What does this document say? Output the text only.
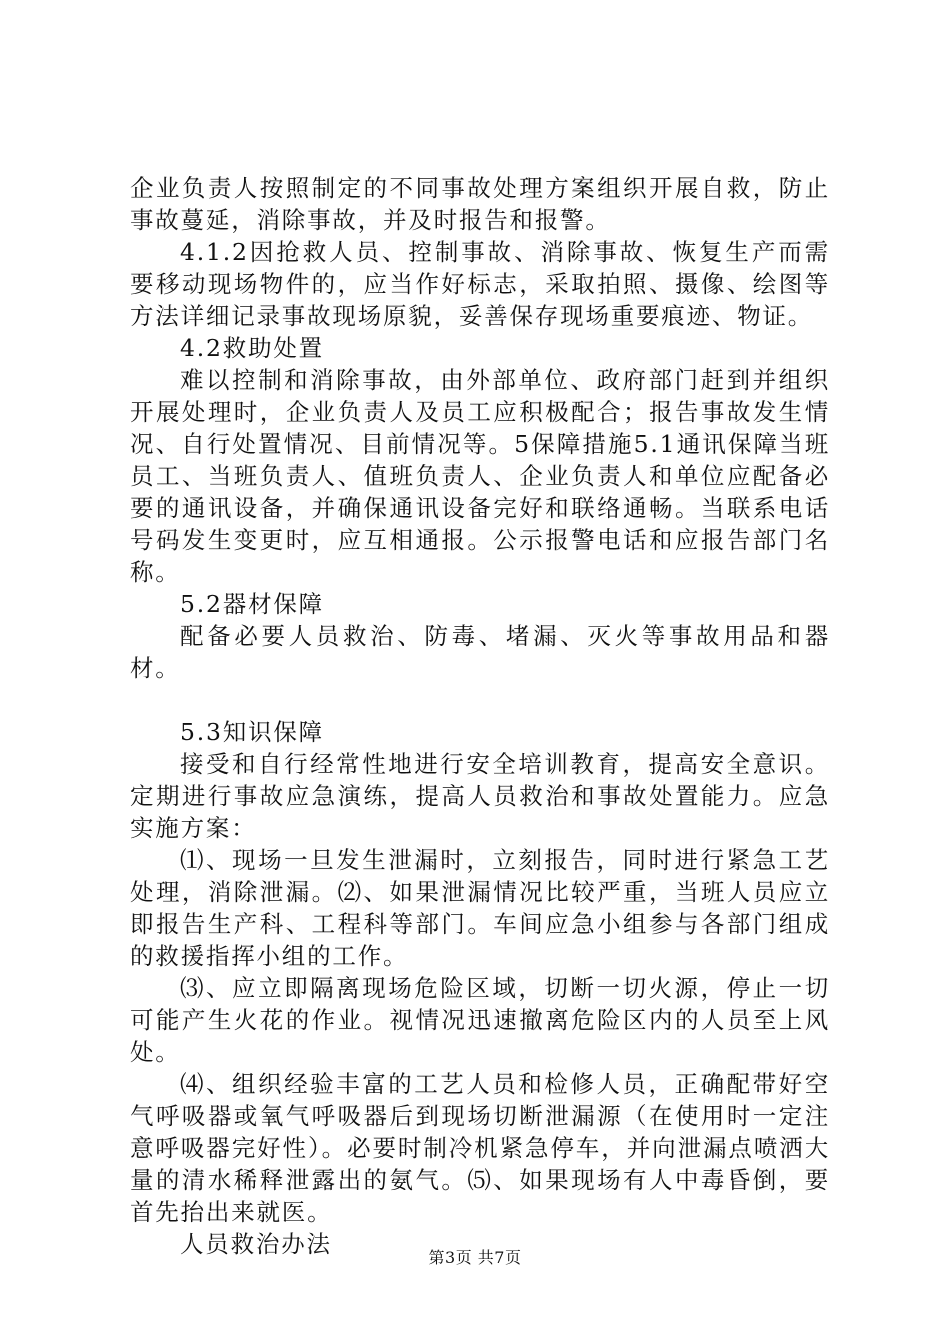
企业负责人按照制定的不同事故处理方案组织开展自救，防止事故蔓延，消除事故，并及时报告和报警。

4.1.2因抢救人员、控制事故、消除事故、恢复生产而需要移动现场物件的，应当作好标志，采取拍照、摄像、绘图等方法详细记录事故现场原貌，妥善保存现场重要痕迹、物证。

4.2救助处置

难以控制和消除事故，由外部单位、政府部门赶到并组织开展处理时，企业负责人及员工应积极配合；报告事故发生情况、自行处置情况、目前情况等。5保障措施5.1通讯保障当班员工、当班负责人、值班负责人、企业负责人和单位应配备必要的通讯设备，并确保通讯设备完好和联络通畅。当联系电话号码发生变更时，应互相通报。公示报警电话和应报告部门名称。

5.2器材保障

配备必要人员救治、防毒、堵漏、灭火等事故用品和器材。

5.3知识保障

接受和自行经常性地进行安全培训教育，提高安全意识。定期进行事故应急演练，提高人员救治和事故处置能力。应急实施方案：

⑴、现场一旦发生泄漏时，立刻报告，同时进行紧急工艺处理，消除泄漏。⑵、如果泄漏情况比较严重，当班人员应立即报告生产科、工程科等部门。车间应急小组参与各部门组成的救援指挥小组的工作。

⑶、应立即隔离现场危险区域，切断一切火源，停止一切可能产生火花的作业。视情况迅速撤离危险区内的人员至上风处。

⑷、组织经验丰富的工艺人员和检修人员，正确配带好空气呼吸器或氧气呼吸器后到现场切断泄漏源（在使用时一定注意呼吸器完好性）。必要时制冷机紧急停车，并向泄漏点喷洒大量的清水稀释泄露出的氨气。⑸、如果现场有人中毒昏倒，要首先抬出来就医。

人员救治办法	第3页 共7页
